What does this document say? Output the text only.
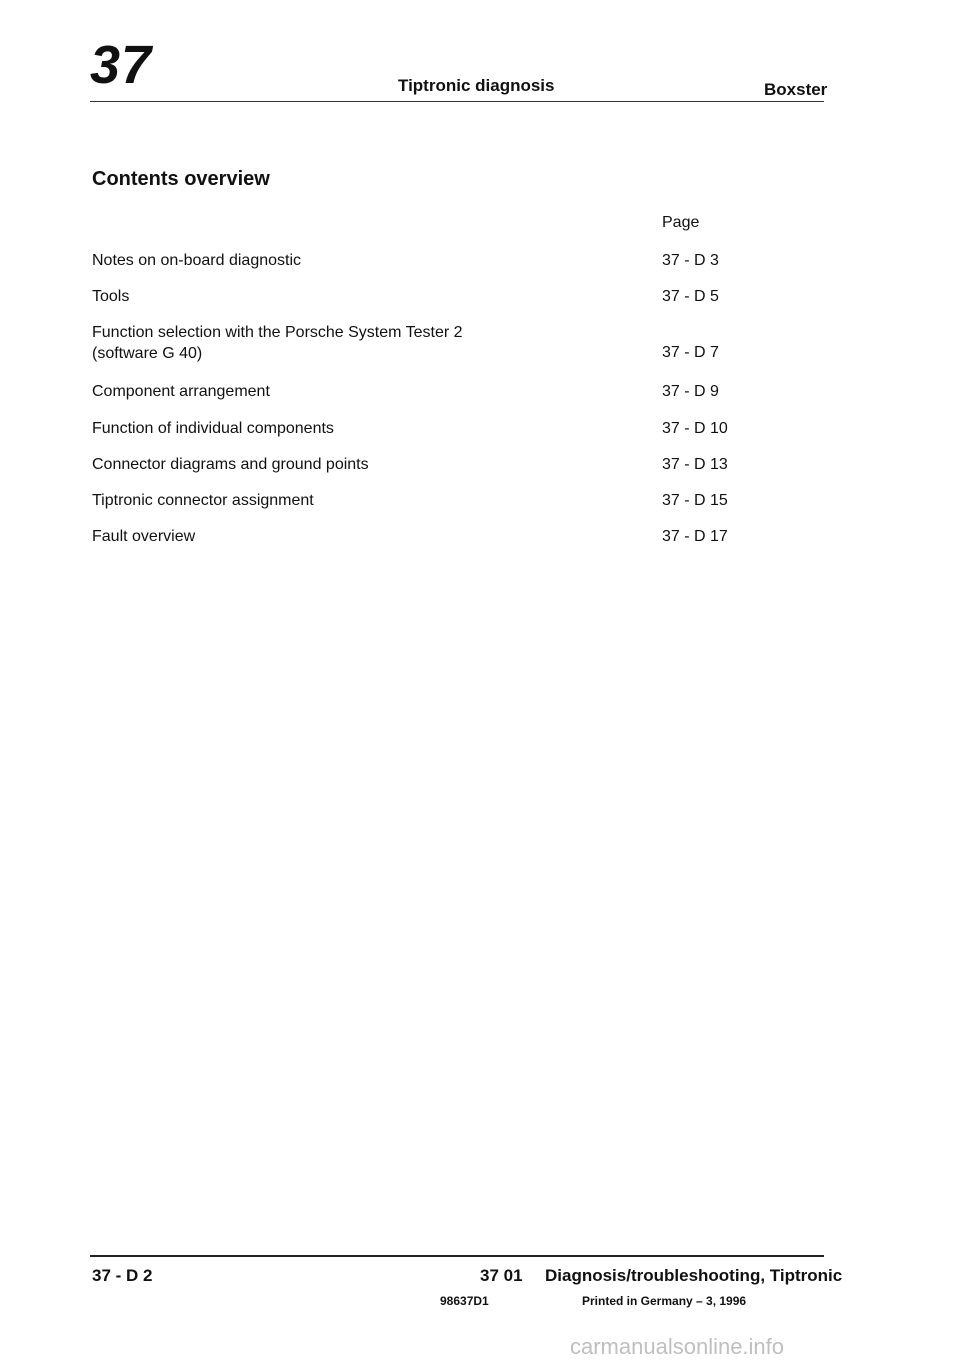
37	Tiptronic diagnosis	Boxster
Contents overview
Page
Notes on on-board diagnostic	37 - D 3
Tools	37 - D 5
Function selection with the Porsche System Tester 2
(software G 40)	37 - D 7
Component arrangement	37 - D 9
Function of individual components	37 - D 10
Connector diagrams and ground points	37 - D 13
Tiptronic connector assignment	37 - D 15
Fault overview	37 - D 17
37 - D 2	37 01 Diagnosis/troubleshooting, Tiptronic
98637D1	Printed in Germany – 3, 1996
carmanualsonline.info
